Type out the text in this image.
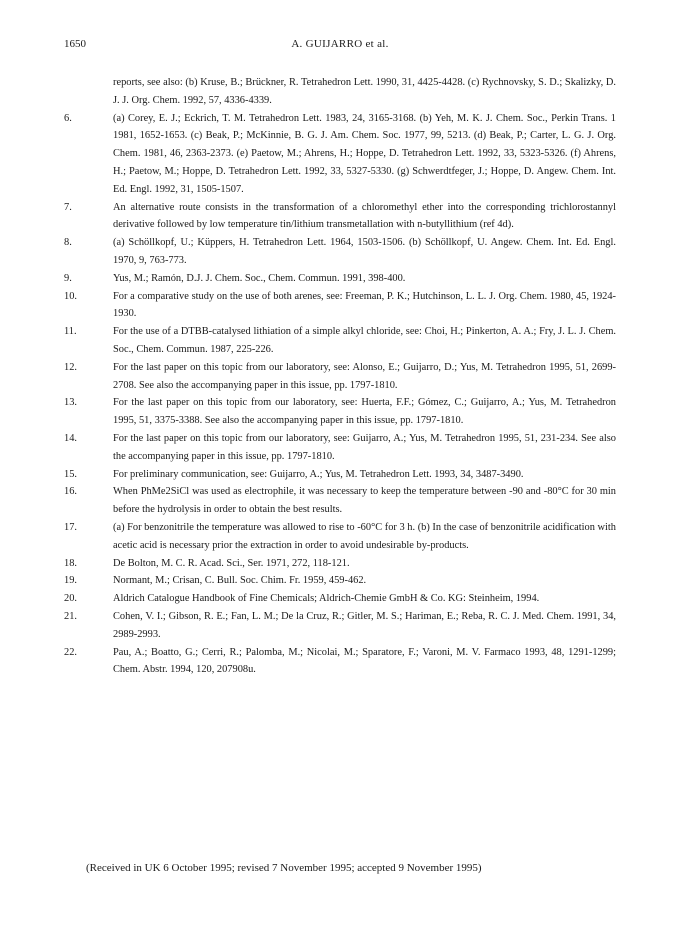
1650	A. GUIJARRO et al.
reports, see also: (b) Kruse, B.; Brückner, R. Tetrahedron Lett. 1990, 31, 4425-4428. (c) Rychnovsky, S. D.; Skalizky, D. J. J. Org. Chem. 1992, 57, 4336-4339.
6.	(a) Corey, E. J.; Eckrich, T. M. Tetrahedron Lett. 1983, 24, 3165-3168. (b) Yeh, M. K. J. Chem. Soc., Perkin Trans. 1 1981, 1652-1653. (c) Beak, P.; McKinnie, B. G. J. Am. Chem. Soc. 1977, 99, 5213. (d) Beak, P.; Carter, L. G. J. Org. Chem. 1981, 46, 2363-2373. (e) Paetow, M.; Ahrens, H.; Hoppe, D. Tetrahedron Lett. 1992, 33, 5323-5326. (f) Ahrens, H.; Paetow, M.; Hoppe, D. Tetrahedron Lett. 1992, 33, 5327-5330. (g) Schwerdtfeger, J.; Hoppe, D. Angew. Chem. Int. Ed. Engl. 1992, 31, 1505-1507.
7.	An alternative route consists in the transformation of a chloromethyl ether into the corresponding trichlorostannyl derivative followed by low temperature tin/lithium transmetallation with n-butyllithium (ref 4d).
8.	(a) Schöllkopf, U.; Küppers, H. Tetrahedron Lett. 1964, 1503-1506. (b) Schöllkopf, U. Angew. Chem. Int. Ed. Engl. 1970, 9, 763-773.
9.	Yus, M.; Ramón, D.J. J. Chem. Soc., Chem. Commun. 1991, 398-400.
10.	For a comparative study on the use of both arenes, see: Freeman, P. K.; Hutchinson, L. L. J. Org. Chem. 1980, 45, 1924-1930.
11.	For the use of a DTBB-catalysed lithiation of a simple alkyl chloride, see: Choi, H.; Pinkerton, A. A.; Fry, J. L. J. Chem. Soc., Chem. Commun. 1987, 225-226.
12.	For the last paper on this topic from our laboratory, see: Alonso, E.; Guijarro, D.; Yus, M. Tetrahedron 1995, 51, 2699-2708. See also the accompanying paper in this issue, pp. 1797-1810.
13.	For the last paper on this topic from our laboratory, see: Huerta, F.F.; Gómez, C.; Guijarro, A.; Yus, M. Tetrahedron 1995, 51, 3375-3388. See also the accompanying paper in this issue, pp. 1797-1810.
14.	For the last paper on this topic from our laboratory, see: Guijarro, A.; Yus, M. Tetrahedron 1995, 51, 231-234. See also the accompanying paper in this issue, pp. 1797-1810.
15.	For preliminary communication, see: Guijarro, A.; Yus, M. Tetrahedron Lett. 1993, 34, 3487-3490.
16.	When PhMe2SiCl was used as electrophile, it was necessary to keep the temperature between -90 and -80°C for 30 min before the hydrolysis in order to obtain the best results.
17.	(a) For benzonitrile the temperature was allowed to rise to -60°C for 3 h. (b) In the case of benzonitrile acidification with acetic acid is necessary prior the extraction in order to avoid undesirable by-products.
18.	De Bolton, M. C. R. Acad. Sci., Ser. 1971, 272, 118-121.
19.	Normant, M.; Crisan, C. Bull. Soc. Chim. Fr. 1959, 459-462.
20.	Aldrich Catalogue Handbook of Fine Chemicals; Aldrich-Chemie GmbH & Co. KG: Steinheim, 1994.
21.	Cohen, V. I.; Gibson, R. E.; Fan, L. M.; De la Cruz, R.; Gitler, M. S.; Hariman, E.; Reba, R. C. J. Med. Chem. 1991, 34, 2989-2993.
22.	Pau, A.; Boatto, G.; Cerri, R.; Palomba, M.; Nicolai, M.; Sparatore, F.; Varoni, M. V. Farmaco 1993, 48, 1291-1299; Chem. Abstr. 1994, 120, 207908u.
(Received in UK 6 October 1995; revised 7 November 1995; accepted 9 November 1995)
